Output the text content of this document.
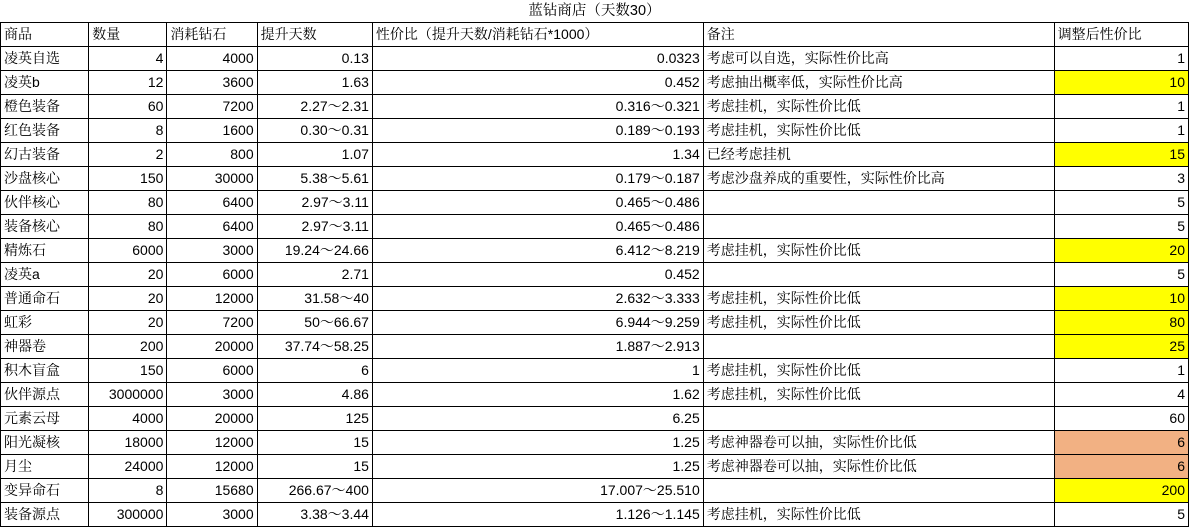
蓝钻商店（天数30）
商品	数量	消耗钻石	提升天数	性价比（提升天数/消耗钻石*1000）	备注	调整后性价比
凌英自选	4	4000	0.13	0.0323	考虑可以自选，实际性价比高	1
凌英b	12	3600	1.63	0.452	考虑抽出概率低，实际性价比高	10
橙色装备	60	7200	2.27～2.31	0.316～0.321	考虑挂机，实际性价比低	1
红色装备	8	1600	0.30～0.31	0.189～0.193	考虑挂机，实际性价比低	1
幻古装备	2	800	1.07	1.34	已经考虑挂机	15
沙盘核心	150	30000	5.38～5.61	0.179～0.187	考虑沙盘养成的重要性，实际性价比高	3
伙伴核心	80	6400	2.97～3.11	0.465～0.486		5
装备核心	80	6400	2.97～3.11	0.465～0.486		5
精炼石	6000	3000	19.24～24.66	6.412～8.219	考虑挂机，实际性价比低	20
凌英a	20	6000	2.71	0.452		5
普通命石	20	12000	31.58～40	2.632～3.333	考虑挂机，实际性价比低	10
虹彩	20	7200	50～66.67	6.944～9.259	考虑挂机，实际性价比低	80
神器卷	200	20000	37.74～58.25	1.887～2.913		25
积木盲盒	150	6000	6	1	考虑挂机，实际性价比低	1
伙伴源点	3000000	3000	4.86	1.62	考虑挂机，实际性价比低	4
元素云母	4000	20000	125	6.25		60
阳光凝核	18000	12000	15	1.25	考虑神器卷可以抽，实际性价比低	6
月尘	24000	12000	15	1.25	考虑神器卷可以抽，实际性价比低	6
变异命石	8	15680	266.67～400	17.007～25.510		200
装备源点	300000	3000	3.38～3.44	1.126～1.145	考虑挂机，实际性价比低	5
